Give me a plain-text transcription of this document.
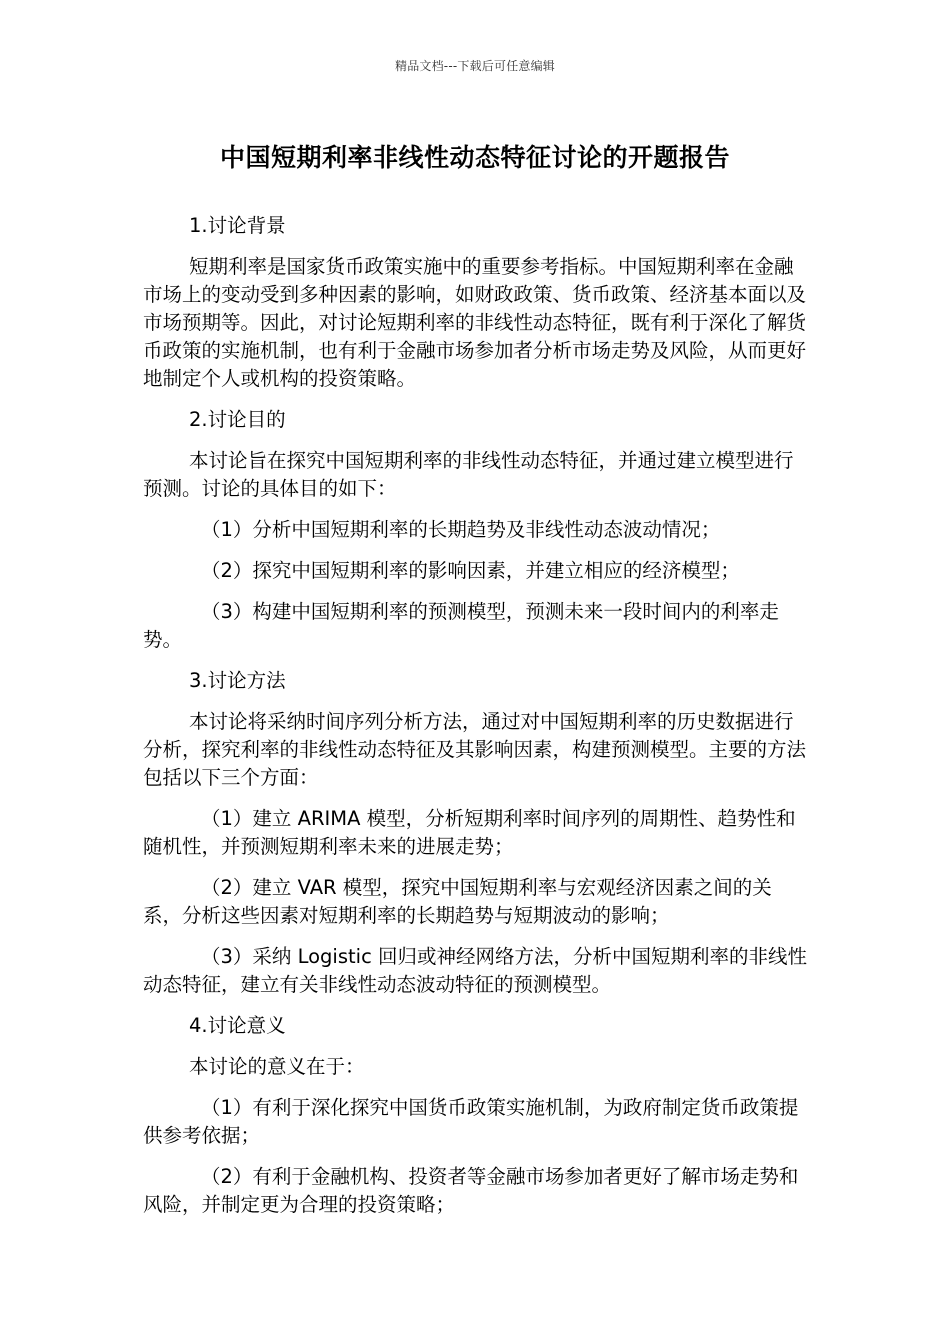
精品文档---下载后可任意编辑
中国短期利率非线性动态特征讨论的开题报告

1.讨论背景

短期利率是国家货币政策实施中的重要参考指标。中国短期利率在金融市场上的变动受到多种因素的影响，如财政政策、货币政策、经济基本面以及市场预期等。因此，对讨论短期利率的非线性动态特征，既有利于深化了解货币政策的实施机制，也有利于金融市场参加者分析市场走势及风险，从而更好地制定个人或机构的投资策略。

2.讨论目的

本讨论旨在探究中国短期利率的非线性动态特征，并通过建立模型进行预测。讨论的具体目的如下：

（1）分析中国短期利率的长期趋势及非线性动态波动情况；

（2）探究中国短期利率的影响因素，并建立相应的经济模型；

（3）构建中国短期利率的预测模型，预测未来一段时间内的利率走势。

3.讨论方法

本讨论将采纳时间序列分析方法，通过对中国短期利率的历史数据进行分析，探究利率的非线性动态特征及其影响因素，构建预测模型。主要的方法包括以下三个方面：

（1）建立 ARIMA 模型，分析短期利率时间序列的周期性、趋势性和随机性，并预测短期利率未来的进展走势；

（2）建立 VAR 模型，探究中国短期利率与宏观经济因素之间的关系，分析这些因素对短期利率的长期趋势与短期波动的影响；

（3）采纳 Logistic 回归或神经网络方法，分析中国短期利率的非线性动态特征，建立有关非线性动态波动特征的预测模型。

4.讨论意义

本讨论的意义在于：

（1）有利于深化探究中国货币政策实施机制，为政府制定货币政策提供参考依据；

（2）有利于金融机构、投资者等金融市场参加者更好了解市场走势和风险，并制定更为合理的投资策略；
